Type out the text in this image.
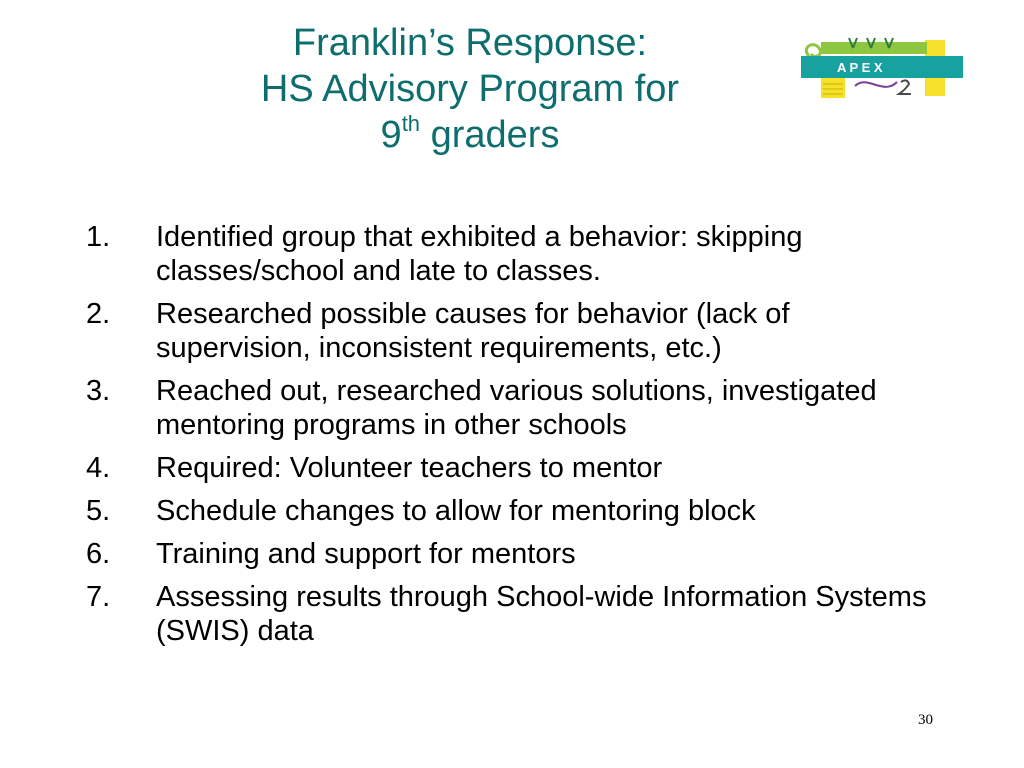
Franklin’s Response:
HS Advisory Program for
9th graders
A P E X
1.	Identified group that exhibited a behavior: skipping classes/school and late to classes.
2.	Researched possible causes for behavior (lack of supervision, inconsistent requirements, etc.)
3.	Reached out, researched various solutions, investigated mentoring programs in other schools
4.	Required: Volunteer teachers to mentor
5.	Schedule changes to allow for mentoring block
6.	Training and support for mentors
7.	Assessing results through School-wide Information Systems (SWIS) data
30
